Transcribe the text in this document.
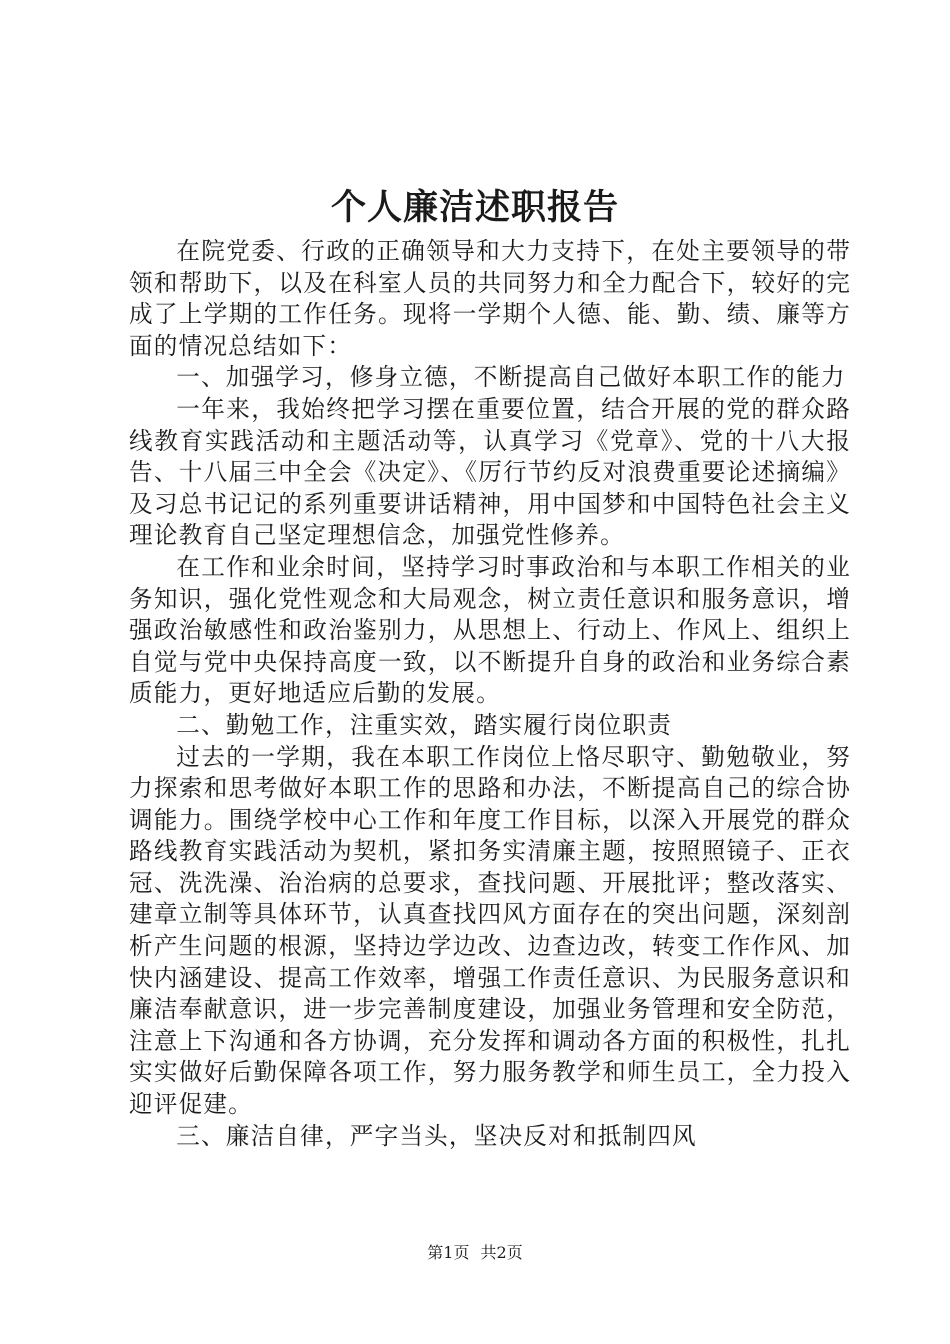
个人廉洁述职报告

在院党委、行政的正确领导和大力支持下，在处主要领导的带领和帮助下，以及在科室人员的共同努力和全力配合下，较好的完成了上学期的工作任务。现将一学期个人德、能、勤、绩、廉等方面的情况总结如下：

一、加强学习，修身立德，不断提高自己做好本职工作的能力

一年来，我始终把学习摆在重要位置，结合开展的党的群众路线教育实践活动和主题活动等，认真学习《党章》、党的十八大报告、十八届三中全会《决定》、《厉行节约反对浪费重要论述摘编》及习总书记记的系列重要讲话精神，用中国梦和中国特色社会主义理论教育自己坚定理想信念，加强党性修养。

在工作和业余时间，坚持学习时事政治和与本职工作相关的业务知识，强化党性观念和大局观念，树立责任意识和服务意识，增强政治敏感性和政治鉴别力，从思想上、行动上、作风上、组织上自觉与党中央保持高度一致，以不断提升自身的政治和业务综合素质能力，更好地适应后勤的发展。

二、勤勉工作，注重实效，踏实履行岗位职责

过去的一学期，我在本职工作岗位上恪尽职守、勤勉敬业，努力探索和思考做好本职工作的思路和办法，不断提高自己的综合协调能力。围绕学校中心工作和年度工作目标，以深入开展党的群众路线教育实践活动为契机，紧扣务实清廉主题，按照照镜子、正衣冠、洗洗澡、治治病的总要求，查找问题、开展批评；整改落实、建章立制等具体环节，认真查找四风方面存在的突出问题，深刻剖析产生问题的根源，坚持边学边改、边查边改，转变工作作风、加快内涵建设、提高工作效率，增强工作责任意识、为民服务意识和廉洁奉献意识，进一步完善制度建设，加强业务管理和安全防范，注意上下沟通和各方协调，充分发挥和调动各方面的积极性，扎扎实实做好后勤保障各项工作，努力服务教学和师生员工，全力投入迎评促建。

三、廉洁自律，严字当头，坚决反对和抵制四风

第1页 共2页
